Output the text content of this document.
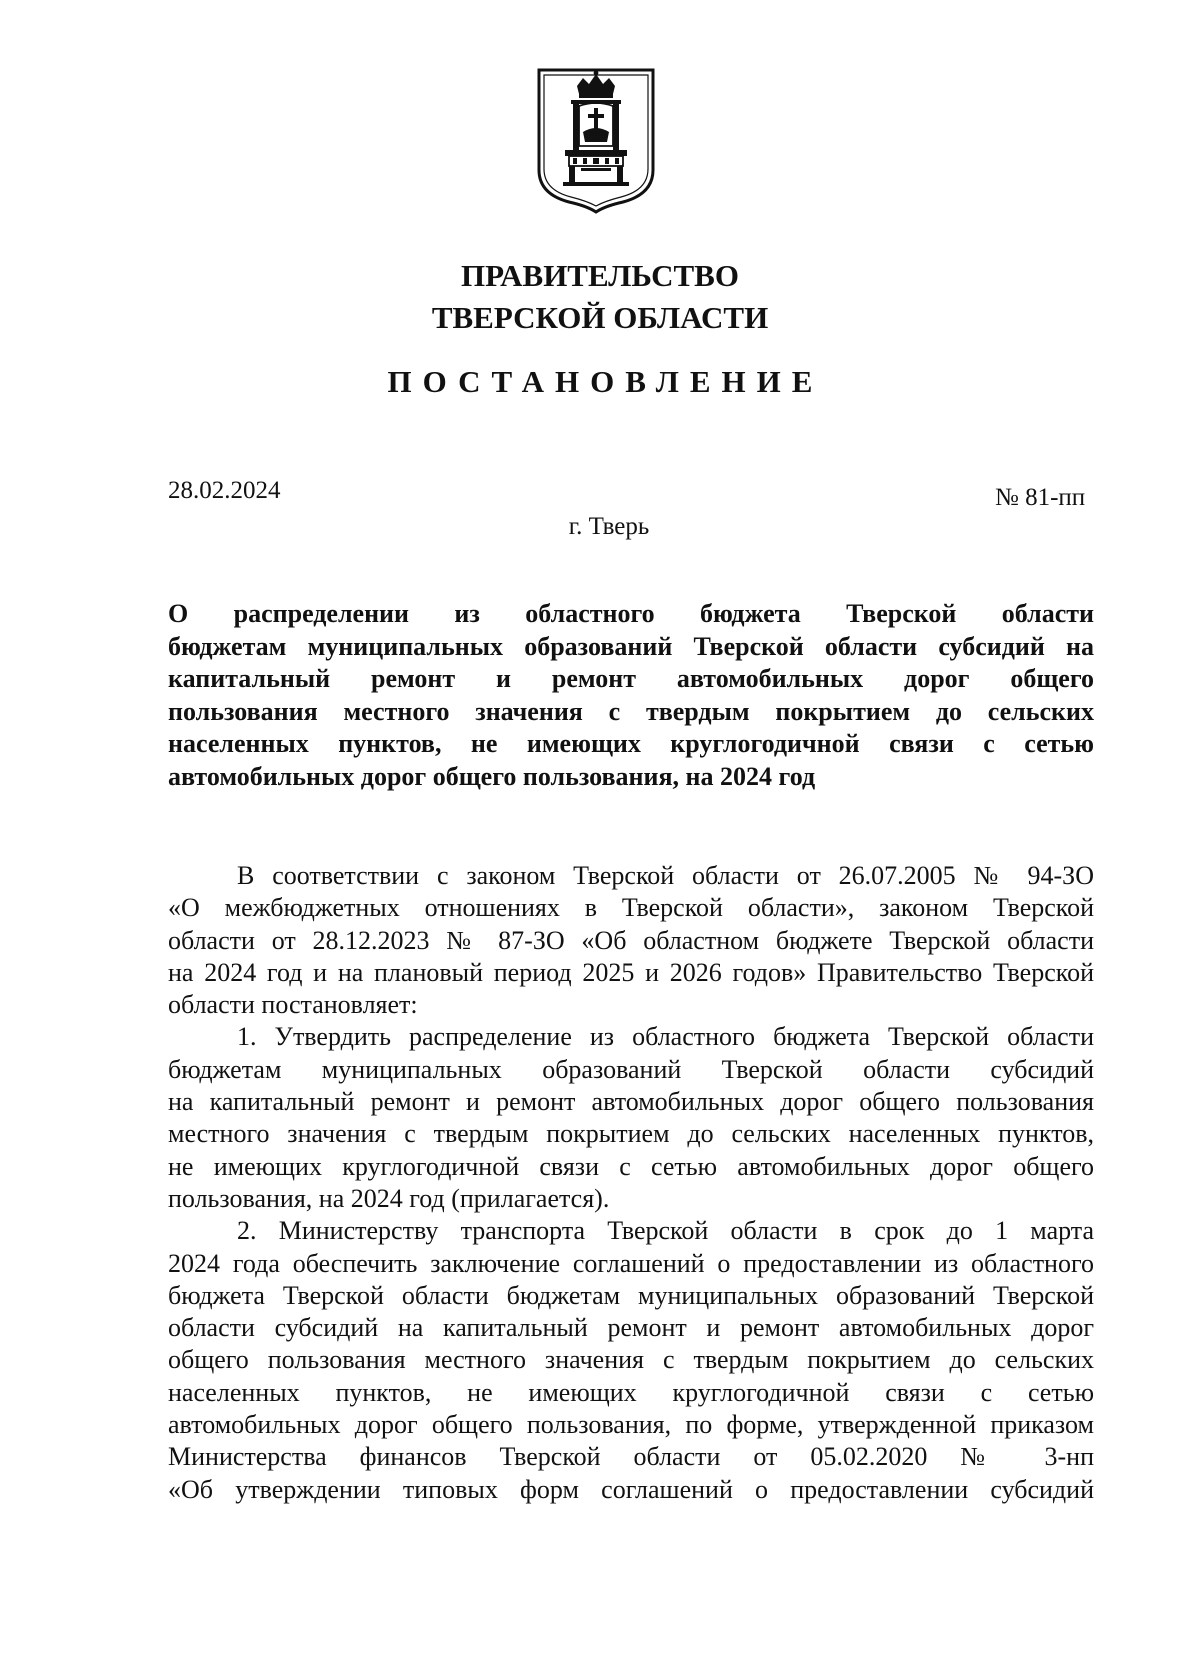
ПРАВИТЕЛЬСТВО
ТВЕРСКОЙ ОБЛАСТИ
ПОСТАНОВЛЕНИЕ
28.02.2024	№ 81-пп
г. Тверь
О распределении из областного бюджета Тверской области
бюджетам муниципальных образований Тверской области субсидий на
капитальный ремонт и ремонт автомобильных дорог общего
пользования местного значения с твердым покрытием до сельских
населенных пунктов, не имеющих круглогодичной связи с сетью
автомобильных дорог общего пользования, на 2024 год
В соответствии с законом Тверской области от 26.07.2005 № 94-ЗО
«О межбюджетных отношениях в Тверской области», законом Тверской
области от 28.12.2023 № 87-ЗО «Об областном бюджете Тверской области
на 2024 год и на плановый период 2025 и 2026 годов» Правительство Тверской
области постановляет:
1. Утвердить распределение из областного бюджета Тверской области
бюджетам муниципальных образований Тверской области субсидий
на капитальный ремонт и ремонт автомобильных дорог общего пользования
местного значения с твердым покрытием до сельских населенных пунктов,
не имеющих круглогодичной связи с сетью автомобильных дорог общего
пользования, на 2024 год (прилагается).
2. Министерству транспорта Тверской области в срок до 1 марта
2024 года обеспечить заключение соглашений о предоставлении из областного
бюджета Тверской области бюджетам муниципальных образований Тверской
области субсидий на капитальный ремонт и ремонт автомобильных дорог
общего пользования местного значения с твердым покрытием до сельских
населенных пунктов, не имеющих круглогодичной связи с сетью
автомобильных дорог общего пользования, по форме, утвержденной приказом
Министерства финансов Тверской области от 05.02.2020 № 3-нп
«Об утверждении типовых форм соглашений о предоставлении субсидий
